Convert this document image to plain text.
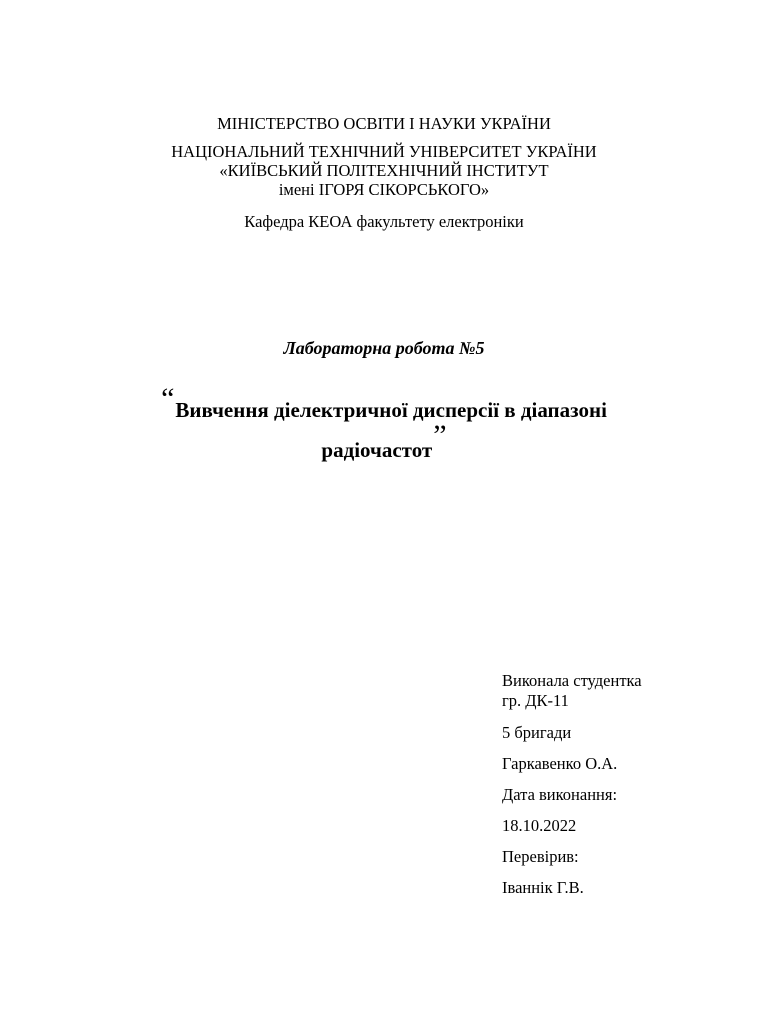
МІНІСТЕРСТВО ОСВІТИ І НАУКИ УКРАЇНИ
НАЦІОНАЛЬНИЙ ТЕХНІЧНИЙ УНІВЕРСИТЕТ УКРАЇНИ
«КИЇВСЬКИЙ ПОЛІТЕХНІЧНИЙ ІНСТИТУТ
імені ІГОРЯ СІКОРСЬКОГО»
Кафедра КЕОА факультету електроніки
Лабораторна робота №5
“Вивчення діелектричної дисперсії в діапазоні
радіочастот”
Виконала студентка
гр. ДК-11
5 бригади
Гаркавенко О.А.
Дата виконання:
18.10.2022
Перевірив:
Іваннік Г.В.
